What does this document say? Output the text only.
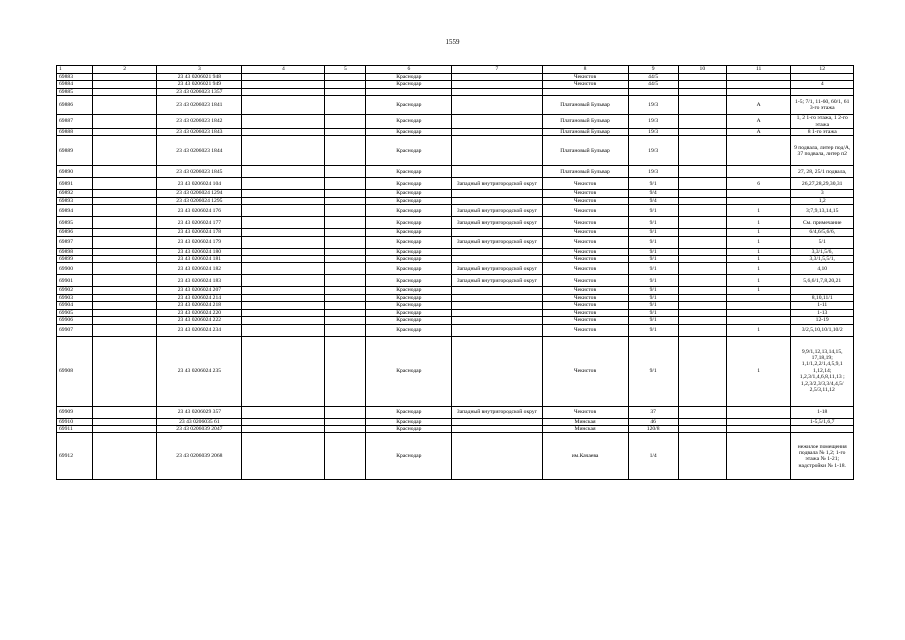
1559
1	2	3	4	5	6	7	8	9	10	11	12
69883		23 43 0206021 948			Краснодар		Чекистов	44/5			
69884		23 43 0206021 949			Краснодар		Чекистов	44/5			4
69885		23 43 0206023 1357									
69886		23 43 0206023 1841			Краснодар		Платановый Бульвар	19/3		А	1-5; 7/1, 11-60, 60/1, 61 3-го этажа
69887		23 43 0206023 1842			Краснодар		Платановый Бульвар	19/3		А	1, 2 1-го этажа, 1 2-го этажа
69888		23 43 0206023 1843			Краснодар		Платановый Бульвар	19/3		А	8 1-го этажа
69889		23 43 0206023 1844			Краснодар		Платановый Бульвар	19/3			9 подвала, литер под/А, 37 подвала, литер п2
69890		23 43 0206023 1845			Краснодар		Платановый Бульвар	19/3			27, 28, 25/1 подвала,
69891		23 43 0206024 104			Краснодар	Западный внутригородской округ	Чекистов	9/1		6	26,27,28,29,30,31
69892		23 43 0206024 1294			Краснодар		Чекистов	9/4			3
69893		23 43 0206024 1295			Краснодар		Чекистов	9/4			1,2
69894		23 43 0206024 176			Краснодар	Западный внутригородской округ	Чекистов	9/1		1	3;7,9,13,14,15
69895		23 43 0206024 177			Краснодар	Западный внутригородской округ	Чекистов	9/1		1	См. примечание
69896		23 43 0206024 178			Краснодар		Чекистов	9/1		1	6/4,6/5,6/6,
69897		23 43 0206024 179			Краснодар	Западный внутригородской округ	Чекистов	9/1		1	5/1
69898		23 43 0206024 180			Краснодар		Чекистов	9/1		1	3,3/1,5/6,
69899		23 43 0206024 181			Краснодар		Чекистов	9/1		1	3,3/1,5,5/1,
69900		23 43 0206024 182			Краснодар	Западный внутригородской округ	Чекистов	9/1		1	4,10
69901		23 43 0206024 183			Краснодар	Западный внутригородской округ	Чекистов	9/1		1	5,6,6/1,7,8,20,21
69902		23 43 0206024 207			Краснодар		Чекистов	9/1		1	
69903		23 43 0206024 214			Краснодар		Чекистов	9/1			8,10,11/1
69904		23 43 0206024 218			Краснодар		Чекистов	9/1			1-11
69905		23 43 0206024 220			Краснодар		Чекистов	9/1			1-13
69906		23 43 0206024 222			Краснодар		Чекистов	9/1			12-19
69907		23 43 0206024 234			Краснодар		Чекистов	9/1		1	3/2,5,10,10/1,10/2
69908		23 43 0206024 235			Краснодар		Чекистов	9/1		1	9,9/1,12,13,14,15, 17,18,19; 1,1/1,2,2/1,4,5,9,1 1,12,14; 1,2,3/1,4,6,8,11,13 ; 1,2,3/2,3/3,3/4,4,5/ 2,5/3,11,12
69909		23 43 0206029 357			Краснодар	Западный внутригородской округ	Чекистов	37			1-18
69910		23 43 0206035 61			Краснодар		Минская	46			1-5,5/1,6,7
69911		23 43 0206039 2047			Краснодар		Минская	120/8			
69912		23 43 0206039 2068			Краснодар		им.Качаева	1/4			нежилое помещения подвала № 1,2; 1-го этажа № 1-21; надстройки № 1-18.
